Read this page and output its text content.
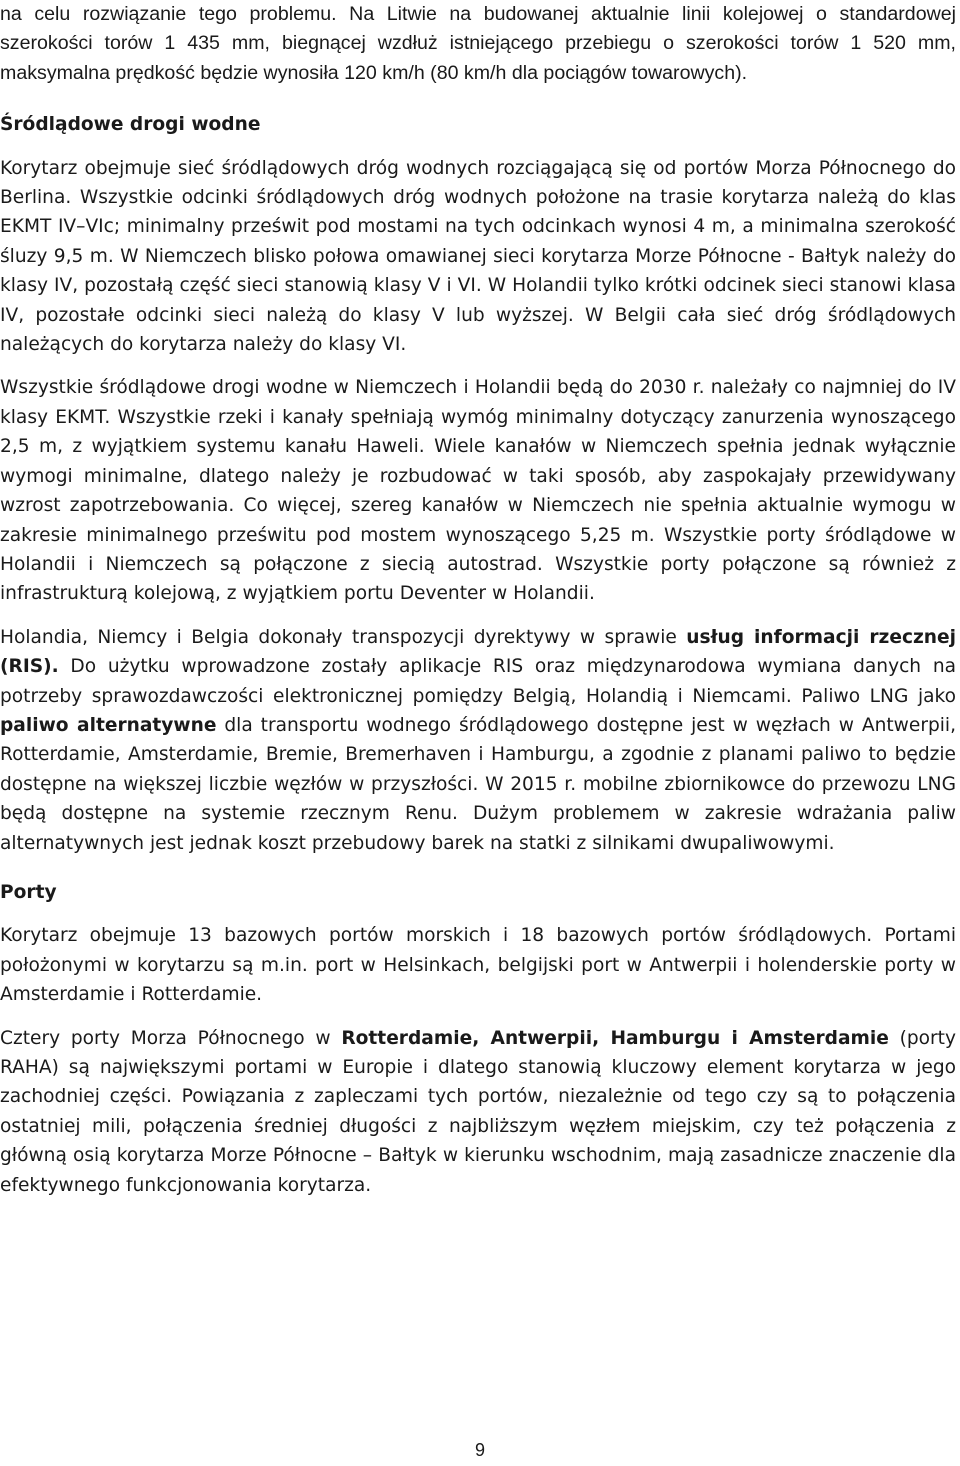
na celu rozwiązanie tego problemu. Na Litwie na budowanej aktualnie linii kolejowej o standardowej szerokości torów 1 435 mm, biegnącej wzdłuż istniejącego przebiegu o szerokości torów 1 520 mm, maksymalna prędkość będzie wynosiła 120 km/h (80 km/h dla pociągów towarowych).

Śródlądowe drogi wodne

Korytarz obejmuje sieć śródlądowych dróg wodnych rozciągającą się od portów Morza Północnego do Berlina. Wszystkie odcinki śródlądowych dróg wodnych położone na trasie korytarza należą do klas EKMT IV–VIc; minimalny prześwit pod mostami na tych odcinkach wynosi 4 m, a minimalna szerokość śluzy 9,5 m. W Niemczech blisko połowa omawianej sieci korytarza Morze Północne - Bałtyk należy do klasy IV, pozostałą część sieci stanowią klasy V i VI. W Holandii tylko krótki odcinek sieci stanowi klasa IV, pozostałe odcinki sieci należą do klasy V lub wyższej. W Belgii cała sieć dróg śródlądowych należących do korytarza należy do klasy VI.

Wszystkie śródlądowe drogi wodne w Niemczech i Holandii będą do 2030 r. należały co najmniej do IV klasy EKMT. Wszystkie rzeki i kanały spełniają wymóg minimalny dotyczący zanurzenia wynoszącego 2,5 m, z wyjątkiem systemu kanału Haweli. Wiele kanałów w Niemczech spełnia jednak wyłącznie wymogi minimalne, dlatego należy je rozbudować w taki sposób, aby zaspokajały przewidywany wzrost zapotrzebowania. Co więcej, szereg kanałów w Niemczech nie spełnia aktualnie wymogu w zakresie minimalnego prześwitu pod mostem wynoszącego 5,25 m. Wszystkie porty śródlądowe w Holandii i Niemczech są połączone z siecią autostrad. Wszystkie porty połączone są również z infrastrukturą kolejową, z wyjątkiem portu Deventer w Holandii.

Holandia, Niemcy i Belgia dokonały transpozycji dyrektywy w sprawie usług informacji rzecznej (RIS). Do użytku wprowadzone zostały aplikacje RIS oraz międzynarodowa wymiana danych na potrzeby sprawozdawczości elektronicznej pomiędzy Belgią, Holandią i Niemcami. Paliwo LNG jako paliwo alternatywne dla transportu wodnego śródlądowego dostępne jest w węzłach w Antwerpii, Rotterdamie, Amsterdamie, Bremie, Bremerhaven i Hamburgu, a zgodnie z planami paliwo to będzie dostępne na większej liczbie węzłów w przyszłości. W 2015 r. mobilne zbiornikowce do przewozu LNG będą dostępne na systemie rzecznym Renu. Dużym problemem w zakresie wdrażania paliw alternatywnych jest jednak koszt przebudowy barek na statki z silnikami dwupaliwowymi.

Porty

Korytarz obejmuje 13 bazowych portów morskich i 18 bazowych portów śródlądowych. Portami położonymi w korytarzu są m.in. port w Helsinkach, belgijski port w Antwerpii i holenderskie porty w Amsterdamie i Rotterdamie.

Cztery porty Morza Północnego w Rotterdamie, Antwerpii, Hamburgu i Amsterdamie (porty RAHA) są największymi portami w Europie i dlatego stanowią kluczowy element korytarza w jego zachodniej części. Powiązania z zapleczami tych portów, niezależnie od tego czy są to połączenia ostatniej mili, połączenia średniej długości z najbliższym węzłem miejskim, czy też połączenia z główną osią korytarza Morze Północne – Bałtyk w kierunku wschodnim, mają zasadnicze znaczenie dla efektywnego funkcjonowania korytarza.

9
